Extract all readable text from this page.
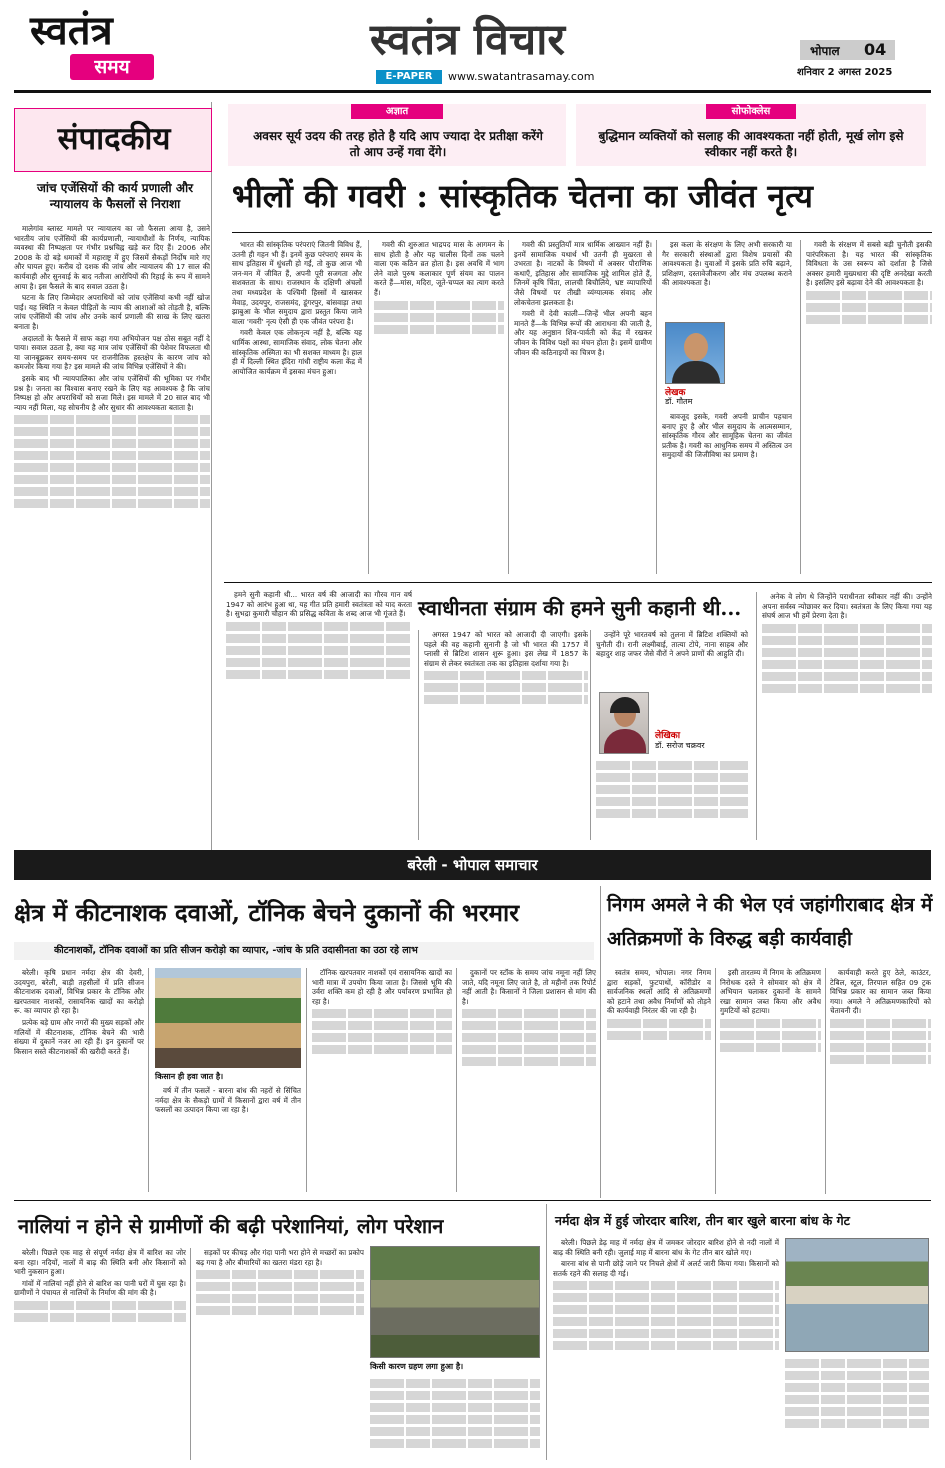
स्वतंत्र
समय
स्वतंत्र विचार
E-PAPER	www.swatantrasamay.com
भोपाल 04
शनिवार 2 अगस्त 2025
संपादकीय
जांच एजेंसियों की कार्य प्रणाली और न्यायालय के फैसलों से निराशा

मालेगांव ब्लास्ट मामले पर न्यायालय का जो फैसला आया है, उसने भारतीय जांच एजेंसियों की कार्यप्रणाली, न्यायाधीशों के निर्णय, न्यायिक व्यवस्था की निष्पक्षता पर गंभीर प्रश्नचिह्न खड़े कर दिए हैं। 2006 और 2008 के दो बड़े धमाकों में महाराष्ट्र में हुए जिसमें सैकड़ों निर्दोष मारे गए और घायल हुए। करीब दो दशक की जांच और न्यायालय की 17 साल की कार्यवाही और सुनवाई के बाद नतीजा आरोपियों की रिहाई के रूप में सामने आया है। इस फैसले के बाद सवाल उठता है।

घटना के लिए जिम्मेदार अपराधियों को जांच एजेंसियां कभी नहीं खोज पाईं। यह स्थिति न केवल पीड़ितों के न्याय की आशाओं को तोड़ती है, बल्कि जांच एजेंसियों की जांच और उनके कार्य प्रणाली की साख के लिए खतरा बनाता है।

अदालतों के फैसले में साफ कहा गया अभियोजन पक्ष ठोस सबूत नहीं दे पाया। सवाल उठता है, क्या यह मात्र जांच एजेंसियों की पेशेवर विफलता थी या जानबूझकर समय-समय पर राजनीतिक हस्तक्षेप के कारण जांच को कमजोर किया गया है? इस मामले की जांच विभिन्न एजेंसियों ने की।

इसके बाद भी न्यायपालिका और जांच एजेंसियों की भूमिका पर गंभीर प्रश्न है। जनता का विश्वास बनाए रखने के लिए यह आवश्यक है कि जांच निष्पक्ष हो और अपराधियों को सजा मिले। इस मामले में 20 साल बाद भी न्याय नहीं मिला, यह सोचनीय है और सुधार की आवश्यकता बताता है।

अज्ञात
अवसर सूर्य उदय की तरह होते है यदि आप ज्यादा देर प्रतीक्षा करेंगे तो आप उन्हें गवा देंगे।
सोफोक्लेस
बुद्धिमान व्यक्तियों को सलाह की आवश्यकता नहीं होती, मूर्ख लोग इसे स्वीकार नहीं करते है।
भीलों की गवरी : सांस्कृतिक चेतना का जीवंत नृत्य

भारत की सांस्कृतिक परंपराएं जितनी विविध हैं, उतनी ही गहन भी हैं। इनमें कुछ परंपराएं समय के साथ इतिहास में धुंधली हो गईं, तो कुछ आज भी जन-मन में जीवित हैं, अपनी पूरी सजगता और सशक्तता के साथ। राजस्थान के दक्षिणी अंचलों तथा मध्यप्रदेश के पश्चिमी हिस्सों में खासकर मेवाड़, उदयपुर, राजसमंद, डूंगरपुर, बांसवाड़ा तथा झाबुआ के भील समुदाय द्वारा प्रस्तुत किया जाने वाला 'गवरी' नृत्य ऐसी ही एक जीवंत परंपरा है।

गवरी केवल एक लोकनृत्य नहीं है, बल्कि यह धार्मिक आस्था, सामाजिक संवाद, लोक चेतना और सांस्कृतिक अस्मिता का भी सशक्त माध्यम है। हाल ही में दिल्ली स्थित इंदिरा गांधी राष्ट्रीय कला केंद्र में आयोजित कार्यक्रम में इसका मंचन हुआ।

गवरी की शुरुआत भाद्रपद मास के आगमन के साथ होती है और यह चालीस दिनों तक चलने वाला एक कठिन व्रत होता है। इस अवधि में भाग लेने वाले पुरुष कलाकार पूर्ण संयम का पालन करते हैं—मांस, मदिरा, जूते-चप्पल का त्याग करते हैं।

गवरी की प्रस्तुतियाँ मात्र धार्मिक आख्यान नहीं हैं। इनमें सामाजिक यथार्थ भी उतनी ही मुखरता से उभरता है। नाटकों के विषयों में अक्सर पौराणिक कथाएँ, इतिहास और सामाजिक मुद्दे शामिल होते हैं, जिनमें कृषि चिंता, लालची बिचौलिये, भ्रष्ट व्यापारियों जैसे विषयों पर तीखी व्यंग्यात्मक संवाद और लोकचेतना झलकता है।

गवरी में देवी काली—जिन्हें भील अपनी बहन मानते हैं—के विभिन्न रूपों की आराधना की जाती है, और यह अनुष्ठान शिव-पार्वती को केंद्र में रखकर जीवन के विविध पक्षों का मंचन होता है। इसमें ग्रामीण जीवन की कठिनाइयों का चित्रण है।

लेखक
डॉ. गौतम

इस कला के संरक्षण के लिए अभी सरकारी या गैर सरकारी संस्थाओं द्वारा विशेष प्रयासों की आवश्यकता है। युवाओं में इसके प्रति रुचि बढ़ाने, प्रशिक्षण, दस्तावेजीकरण और मंच उपलब्ध कराने की आवश्यकता है।

बावजूद इसके, गवरी अपनी प्राचीन पहचान बनाए हुए है और भील समुदाय के आत्मसम्मान, सांस्कृतिक गौरव और सामूहिक चेतना का जीवंत प्रतीक है। गवरी का आधुनिक समय में अस्तित्व उन समुदायों की जिजीविषा का प्रमाण है।

गवरी के संरक्षण में सबसे बड़ी चुनौती इसकी पारंपरिकता है। यह भारत की सांस्कृतिक विविधता के उस स्वरूप को दर्शाता है जिसे अक्सर हमारी मुख्यधारा की दृष्टि अनदेखा करती है। इसलिए इसे बढ़ावा देने की आवश्यकता है।

स्वाधीनता संग्राम की हमने सुनी कहानी थी...

हमने सुनी कहानी थी... भारत वर्ष की आजादी का गौरव गान वर्ष 1947 को आरंभ हुआ था, यह गीत प्रति हमारी स्वतंत्रता को याद करता है। सुभद्रा कुमारी चौहान की प्रसिद्ध कविता के शब्द आज भी गूंजते हैं।

अगस्त 1947 को भारत को आजादी दी जाएगी। इसके पहले की वह कहानी सुनानी है जो भी भारत की 1757 में प्लासी से ब्रिटिश शासन शुरू हुआ। इस लेख में 1857 के संग्राम से लेकर स्वतंत्रता तक का इतिहास दर्शाया गया है।

उन्होंने पूरे भारतवर्ष को तुलना में ब्रिटिश शक्तियों को चुनौती दी। रानी लक्ष्मीबाई, तात्या टोपे, नाना साहब और बहादुर शाह जफर जैसे वीरों ने अपने प्राणों की आहुति दी।

लेखिका
डॉ. सरोज चक्रवर

अनेक वे लोग थे जिन्होंने पराधीनता स्वीकार नहीं की। उन्होंने अपना सर्वस्व न्योछावर कर दिया। स्वतंत्रता के लिए किया गया यह संघर्ष आज भी हमें प्रेरणा देता है।

बरेली - भोपाल समाचार
क्षेत्र में कीटनाशक दवाओं, टॉनिक बेचने दुकानों की भरमार
कीटनाशकों, टॉनिक दवाओं का प्रति सीजन करोड़ो का व्यापार, -जांच के प्रति उदासीनता का उठा रहे लाभ

बरेली। कृषि प्रधान नर्मदा क्षेत्र की देवरी, उदयपुरा, बरेली, बाड़ी तहसीलों में प्रति सीजन कीटनाशक दवाओं, विभिन्न प्रकार के टॉनिक और खरपतवार नाशकों, रासायनिक खादों का करोड़ो रू. का व्यापार हो रहा है।

प्रत्येक बड़े ग्राम और नगरों की मुख्य सड़कों और गलियों में कीटनाशक, टॉनिक बेचने की भारी संख्या में दुकानें नजर आ रही हैं। इन दुकानों पर किसान सस्ते कीटनाशकों की खरीदी करते हैं।

किसान ही हवा जात है।

वर्ष में तीन फसलें - बारना बांध की नहरों से सिंचित नर्मदा क्षेत्र के सैकड़ो ग्रामों में किसानों द्वारा वर्ष में तीन फसलों का उत्पादन किया जा रहा है।

टॉनिक खरपतवार नाशकों एवं रासायनिक खादों का भारी मात्रा में उपयोग किया जाता है। जिससे भूमि की उर्वरा शक्ति कम हो रही है और पर्यावरण प्रभावित हो रहा है।

दुकानों पर स्टॉक के समय जांच नमूना नहीं लिए जाते, यदि नमूना लिए जाते है, तो महीनों तक रिपोर्ट नहीं आती है। किसानों ने जिला प्रशासन से मांग की है।

निगम अमले ने की भेल एवं जहांगीराबाद क्षेत्र में अतिक्रमणों के विरुद्ध बड़ी कार्यवाही

स्वतंत्र समय, भोपाल। नगर निगम द्वारा सड़कों, फुटपाथों, कॉरीडोर व सार्वजनिक स्थलों आदि से अतिक्रमणों को हटाने तथा अवैध निर्माणों को तोड़ने की कार्यवाही निरंतर की जा रही है।

इसी तारतम्य में निगम के अतिक्रमण निरोधक दस्ते ने सोमवार को क्षेत्र में अभियान चलाकर दुकानों के सामने रखा सामान जब्त किया और अवैध गुमटियों को हटाया।

कार्यवाही करते हुए ठेले, काउंटर, टेबिल, स्टूल, तिरपाल सहित 09 ट्रक विभिन्न प्रकार का सामान जब्त किया गया। अमले ने अतिक्रमणकारियों को चेतावनी दी।

नालियां न होने से ग्रामीणों की बढ़ी परेशानियां, लोग परेशान

बरेली। पिछले एक माह से संपूर्ण नर्मदा क्षेत्र में बारिश का जोर बना रहा। नदियों, नालों में बाढ़ की स्थिति बनी और किसानों को भारी नुकसान हुआ।

गांवों में नालियां नहीं होने से बारिश का पानी घरों में घुस रहा है। ग्रामीणों ने पंचायत से नालियों के निर्माण की मांग की है।

सड़कों पर कीचड़ और गंदा पानी भरा होने से मच्छरों का प्रकोप बढ़ गया है और बीमारियों का खतरा मंडरा रहा है।

किसी कारण ग्रहण लगा हुआ है।
नर्मदा क्षेत्र में हुई जोरदार बारिश, तीन बार खुले बारना बांध के गेट

बरेली। पिछले डेढ़ माह में नर्मदा क्षेत्र में जमकर जोरदार बारिश होने से नदी नालों में बाढ़ की स्थिति बनी रही। जुलाई माह में बारना बांध के गेट तीन बार खोले गए।

बारना बांध से पानी छोड़े जाने पर निचले क्षेत्रों में अलर्ट जारी किया गया। किसानों को सतर्क रहने की सलाह दी गई।
